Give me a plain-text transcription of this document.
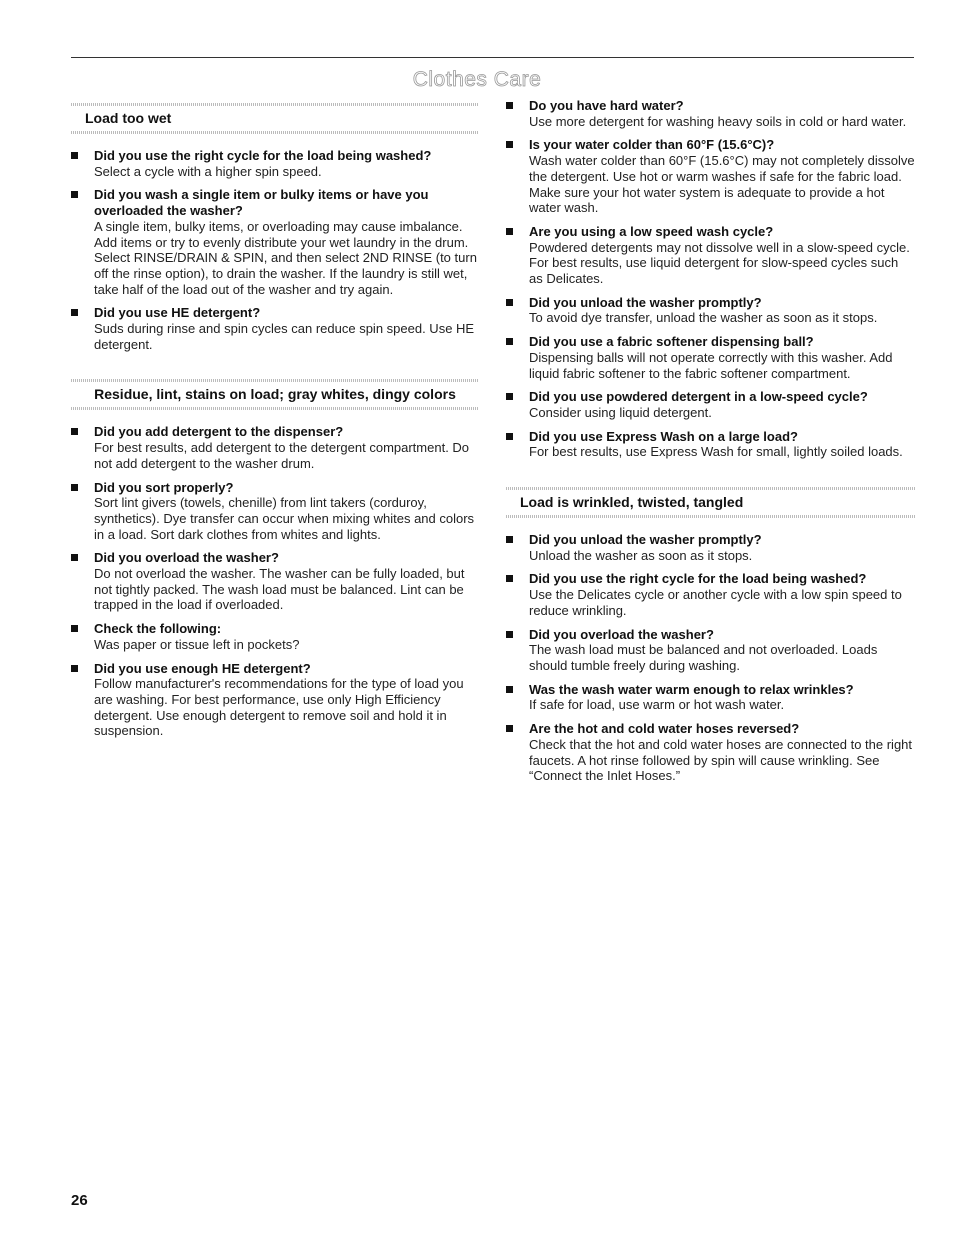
Clothes Care
Load too wet
Did you use the right cycle for the load being washed?
Select a cycle with a higher spin speed.
Did you wash a single item or bulky items or have you overloaded the washer?
A single item, bulky items, or overloading may cause imbalance. Add items or try to evenly distribute your wet laundry in the drum. Select RINSE/DRAIN & SPIN, and then select 2ND RINSE (to turn off the rinse option), to drain the washer. If the laundry is still wet, take half of the load out of the washer and try again.
Did you use HE detergent?
Suds during rinse and spin cycles can reduce spin speed. Use HE detergent.
Residue, lint, stains on load; gray whites, dingy colors
Did you add detergent to the dispenser?
For best results, add detergent to the detergent compartment. Do not add detergent to the washer drum.
Did you sort properly?
Sort lint givers (towels, chenille) from lint takers (corduroy, synthetics). Dye transfer can occur when mixing whites and colors in a load. Sort dark clothes from whites and lights.
Did you overload the washer?
Do not overload the washer. The washer can be fully loaded, but not tightly packed. The wash load must be balanced. Lint can be trapped in the load if overloaded.
Check the following:
Was paper or tissue left in pockets?
Did you use enough HE detergent?
Follow manufacturer's recommendations for the type of load you are washing. For best performance, use only High Efficiency detergent. Use enough detergent to remove soil and hold it in suspension.
Do you have hard water?
Use more detergent for washing heavy soils in cold or hard water.
Is your water colder than 60°F (15.6°C)?
Wash water colder than 60°F (15.6°C) may not completely dissolve the detergent. Use hot or warm washes if safe for the fabric load. Make sure your hot water system is adequate to provide a hot water wash.
Are you using a low speed wash cycle?
Powdered detergents may not dissolve well in a slow-speed cycle. For best results, use liquid detergent for slow-speed cycles such as Delicates.
Did you unload the washer promptly?
To avoid dye transfer, unload the washer as soon as it stops.
Did you use a fabric softener dispensing ball?
Dispensing balls will not operate correctly with this washer. Add liquid fabric softener to the fabric softener compartment.
Did you use powdered detergent in a low-speed cycle?
Consider using liquid detergent.
Did you use Express Wash on a large load?
For best results, use Express Wash for small, lightly soiled loads.
Load is wrinkled, twisted, tangled
Did you unload the washer promptly?
Unload the washer as soon as it stops.
Did you use the right cycle for the load being washed?
Use the Delicates cycle or another cycle with a low spin speed to reduce wrinkling.
Did you overload the washer?
The wash load must be balanced and not overloaded. Loads should tumble freely during washing.
Was the wash water warm enough to relax wrinkles?
If safe for load, use warm or hot wash water.
Are the hot and cold water hoses reversed?
Check that the hot and cold water hoses are connected to the right faucets. A hot rinse followed by spin will cause wrinkling. See “Connect the Inlet Hoses.”
26
